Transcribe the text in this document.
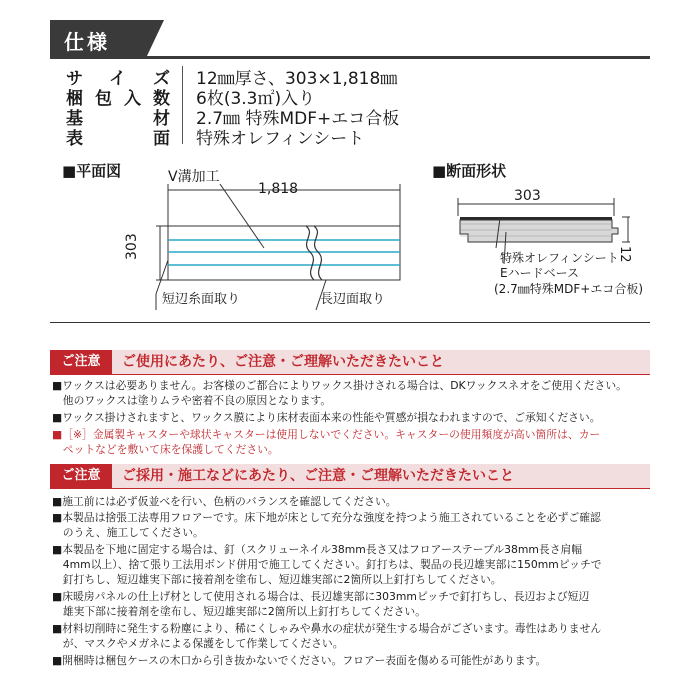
仕様
サイズ 12㎜厚さ、303×1,818㎜
梱包入数 6枚(3.3㎡)入り
基材 2.7㎜ 特殊MDF+エコ合板
表面 特殊オレフィンシート
■平面図	V溝加工
1,818
303
短辺糸面取り	長辺面取り
■断面形状
303
12
特殊オレフィンシート
Eハードベース
(2.7㎜特殊MDF+エコ合板)
ご注意	ご使用にあたり、ご注意・ご理解いただきたいこと
■ワックスは必要ありません。お客様のご都合によりワックス掛けされる場合は、DKワックスネオをご使用ください。
　他のワックスは塗りムラや密着不良の原因となります。
■ワックス掛けされますと、ワックス膜により床材表面本来の性能や質感が損なわれますので、ご承知ください。
■［※］金属製キャスターや球状キャスターは使用しないでください。キャスターの使用頻度が高い箇所は、カー
　ペットなどを敷いて床を保護してください。
ご注意	ご採用・施工などにあたり、ご注意・ご理解いただきたいこと
■施工前には必ず仮並べを行い、色柄のバランスを確認してください。
■本製品は捨張工法専用フロアーです。床下地が床として充分な強度を持つよう施工されていることを必ずご確認
　のうえ、施工してください。
■本製品を下地に固定する場合は、釘（スクリューネイル38mm長さ又はフロアーステープル38mm長さ肩幅
　4mm以上）、捨て張り工法用ボンド併用で施工してください。釘打ちは、製品の長辺雄実部に150mmピッチで
　釘打ちし、短辺雄実下部に接着剤を塗布し、短辺雄実部に2箇所以上釘打ちしてください。
■床暖房パネルの仕上げ材として使用される場合は、長辺雄実部に303mmピッチで釘打ちし、長辺および短辺
　雄実下部に接着剤を塗布し、短辺雄実部に2箇所以上釘打ちしてください。
■材料切削時に発生する粉塵により、稀にくしゃみや鼻水の症状が発生する場合がございます。毒性はありません
　が、マスクやメガネによる保護をして作業してください。
■開梱時は梱包ケースの木口から引き抜かないでください。フロアー表面を傷める可能性があります。
